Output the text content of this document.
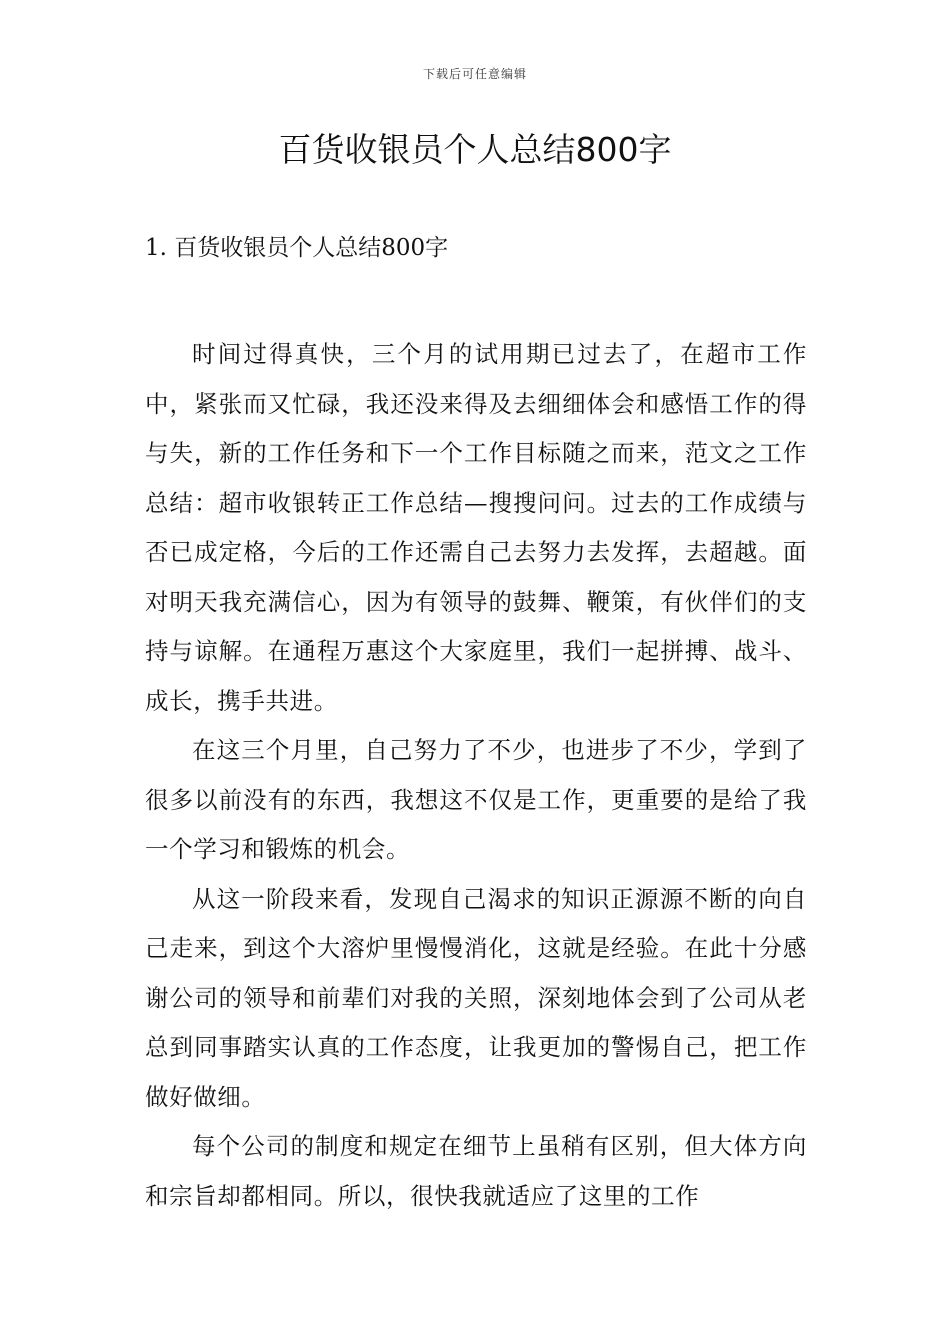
下载后可任意编辑
百货收银员个人总结800字
1. 百货收银员个人总结800字

时间过得真快，三个月的试用期已过去了，在超市工作中，紧张而又忙碌，我还没来得及去细细体会和感悟工作的得与失，新的工作任务和下一个工作目标随之而来，范文之工作总结：超市收银转正工作总结—搜搜问问。过去的工作成绩与否已成定格，今后的工作还需自己去努力去发挥，去超越。面对明天我充满信心，因为有领导的鼓舞、鞭策，有伙伴们的支持与谅解。在通程万惠这个大家庭里，我们一起拼搏、战斗、成长，携手共进。

在这三个月里，自己努力了不少，也进步了不少，学到了很多以前没有的东西，我想这不仅是工作，更重要的是给了我一个学习和锻炼的机会。

从这一阶段来看，发现自己渴求的知识正源源不断的向自己走来，到这个大溶炉里慢慢消化，这就是经验。在此十分感谢公司的领导和前辈们对我的关照，深刻地体会到了公司从老总到同事踏实认真的工作态度，让我更加的警惕自己，把工作做好做细。

每个公司的制度和规定在细节上虽稍有区别，但大体方向和宗旨却都相同。所以，很快我就适应了这里的工作
